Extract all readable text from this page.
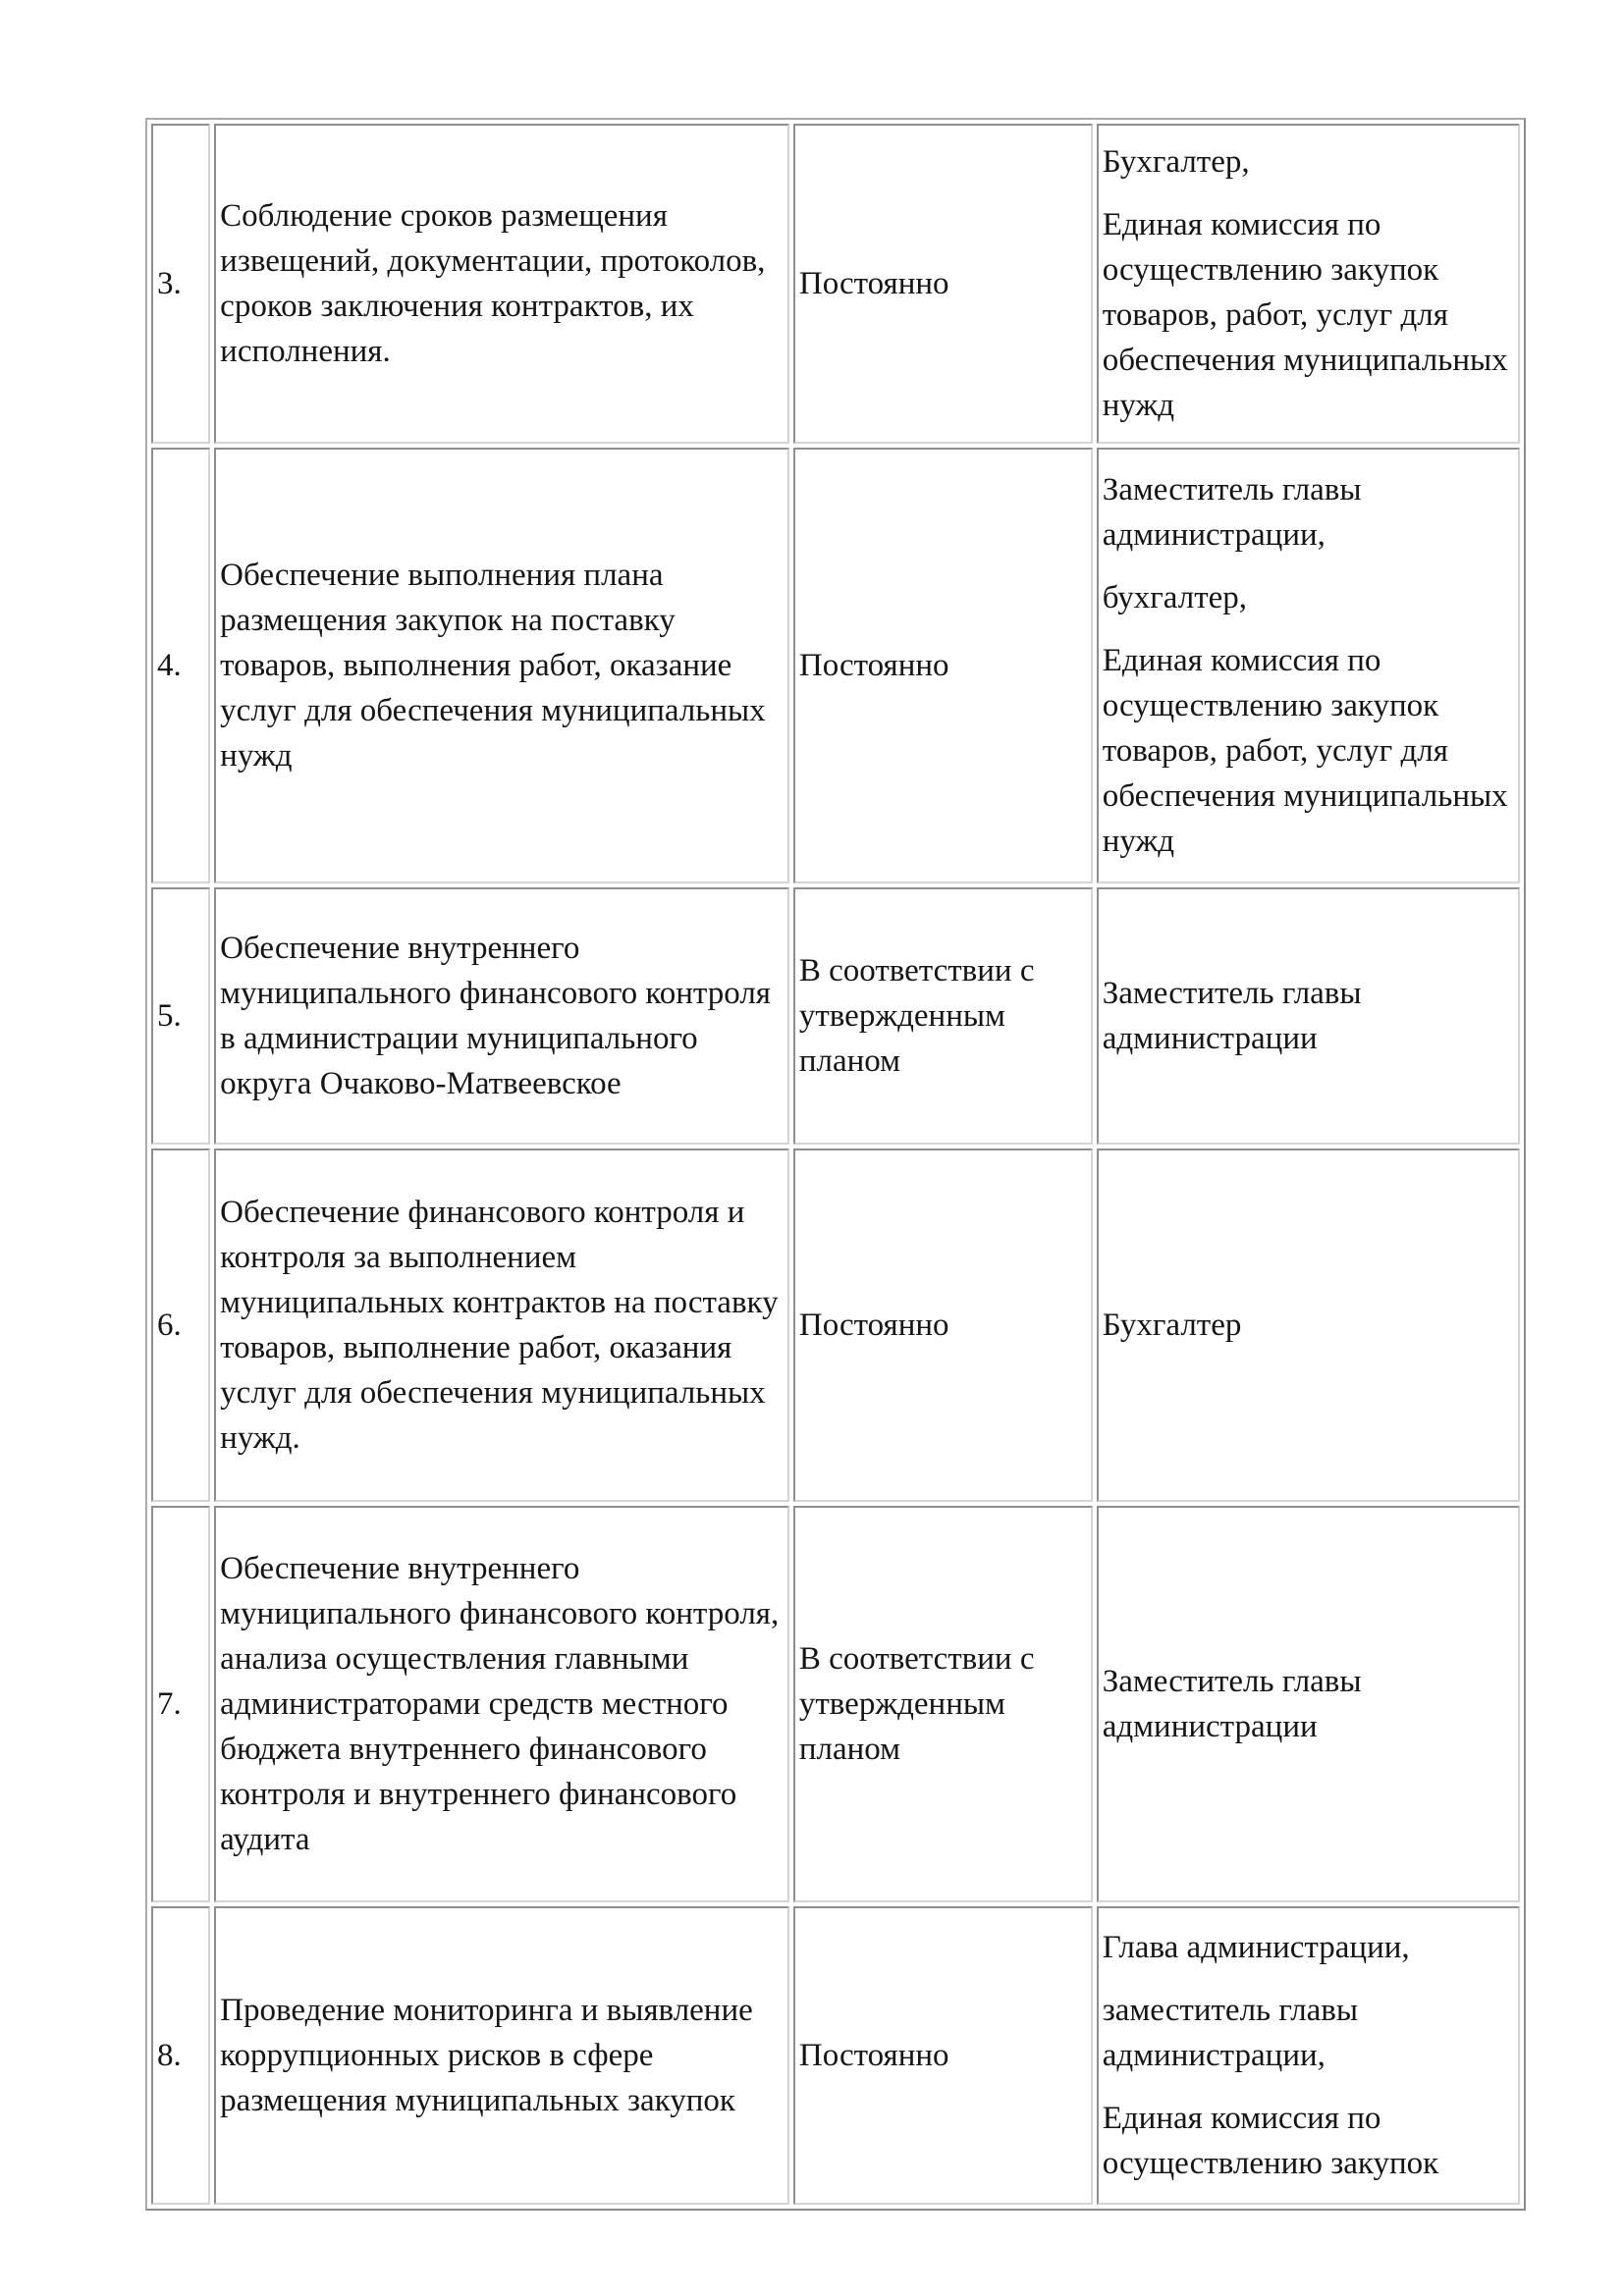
3.	Соблюдение сроков размещения извещений, документации, протоколов, сроков заключения контрактов, их исполнения.	Постоянно	Бухгалтер,

Единая комиссия по осуществлению закупок товаров, работ, услуг для обеспечения муниципальных нужд

4.	Обеспечение выполнения плана размещения закупок на поставку товаров, выполнения работ, оказание услуг для обеспечения муниципальных нужд	Постоянно	Заместитель главы администрации,

бухгалтер,

Единая комиссия по осуществлению закупок товаров, работ, услуг для обеспечения муниципальных нужд

5.	Обеспечение внутреннего муниципального финансового контроля в администрации муниципального округа Очаково-Матвеевское	В соответствии с утвержденным планом	Заместитель главы администрации

6.	Обеспечение финансового контроля и контроля за выполнением муниципальных контрактов на поставку товаров, выполнение работ, оказания услуг для обеспечения муниципальных нужд.	Постоянно	Бухгалтер

7.	Обеспечение внутреннего муниципального финансового контроля, анализа осуществления главными администраторами средств местного бюджета внутреннего финансового контроля и внутреннего финансового аудита	В соответствии с утвержденным планом	Заместитель главы администрации

8.	Проведение мониторинга и выявление коррупционных рисков в сфере размещения муниципальных закупок	Постоянно	Глава администрации,

заместитель главы администрации,

Единая комиссия по осуществлению закупок
